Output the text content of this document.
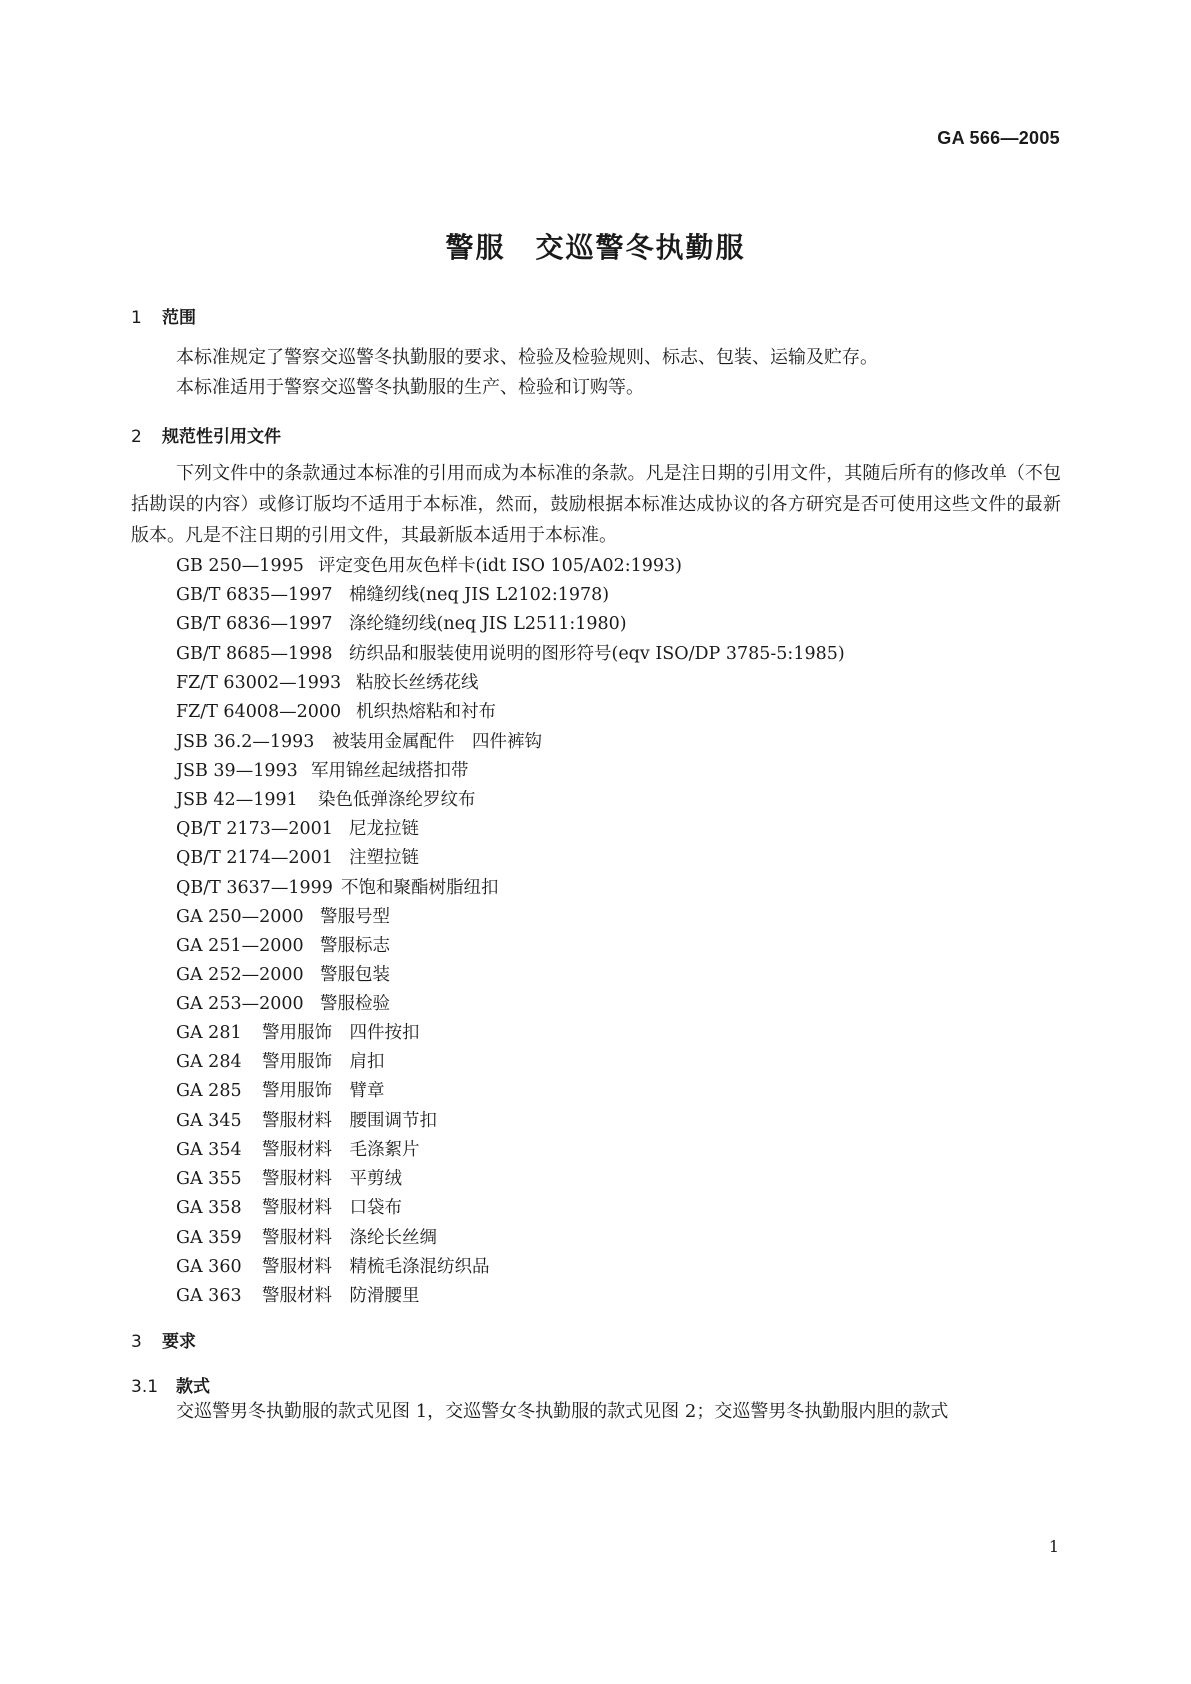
GA 566—2005
警服　交巡警冬执勤服
1 范围
本标准规定了警察交巡警冬执勤服的要求、检验及检验规则、标志、包装、运输及贮存。
本标准适用于警察交巡警冬执勤服的生产、检验和订购等。
2 规范性引用文件
下列文件中的条款通过本标准的引用而成为本标准的条款。凡是注日期的引用文件，其随后所有的修改单（不包括勘误的内容）或修订版均不适用于本标准，然而，鼓励根据本标准达成协议的各方研究是否可使用这些文件的最新版本。凡是不注日期的引用文件，其最新版本适用于本标准。
GB 250—1995 评定变色用灰色样卡(idt ISO 105/A02:1993)
GB/T 6835—1997 棉缝纫线(neq JIS L2102:1978)
GB/T 6836—1997 涤纶缝纫线(neq JIS L2511:1980)
GB/T 8685—1998 纺织品和服装使用说明的图形符号(eqv ISO/DP 3785-5:1985)
FZ/T 63002—1993 粘胶长丝绣花线
FZ/T 64008—2000 机织热熔粘和衬布
JSB 36.2—1993 被装用金属配件　四件裤钩
JSB 39—1993 军用锦丝起绒搭扣带
JSB 42—1991 染色低弹涤纶罗纹布
QB/T 2173—2001 尼龙拉链
QB/T 2174—2001 注塑拉链
QB/T 3637—1999 不饱和聚酯树脂纽扣
GA 250—2000 警服号型
GA 251—2000 警服标志
GA 252—2000 警服包装
GA 253—2000 警服检验
GA 281 警用服饰　四件按扣
GA 284 警用服饰　肩扣
GA 285 警用服饰　臂章
GA 345 警服材料　腰围调节扣
GA 354 警服材料　毛涤絮片
GA 355 警服材料　平剪绒
GA 358 警服材料　口袋布
GA 359 警服材料　涤纶长丝绸
GA 360 警服材料　精梳毛涤混纺织品
GA 363 警服材料　防滑腰里
3 要求
3.1 款式
交巡警男冬执勤服的款式见图 1，交巡警女冬执勤服的款式见图 2；交巡警男冬执勤服内胆的款式
1
